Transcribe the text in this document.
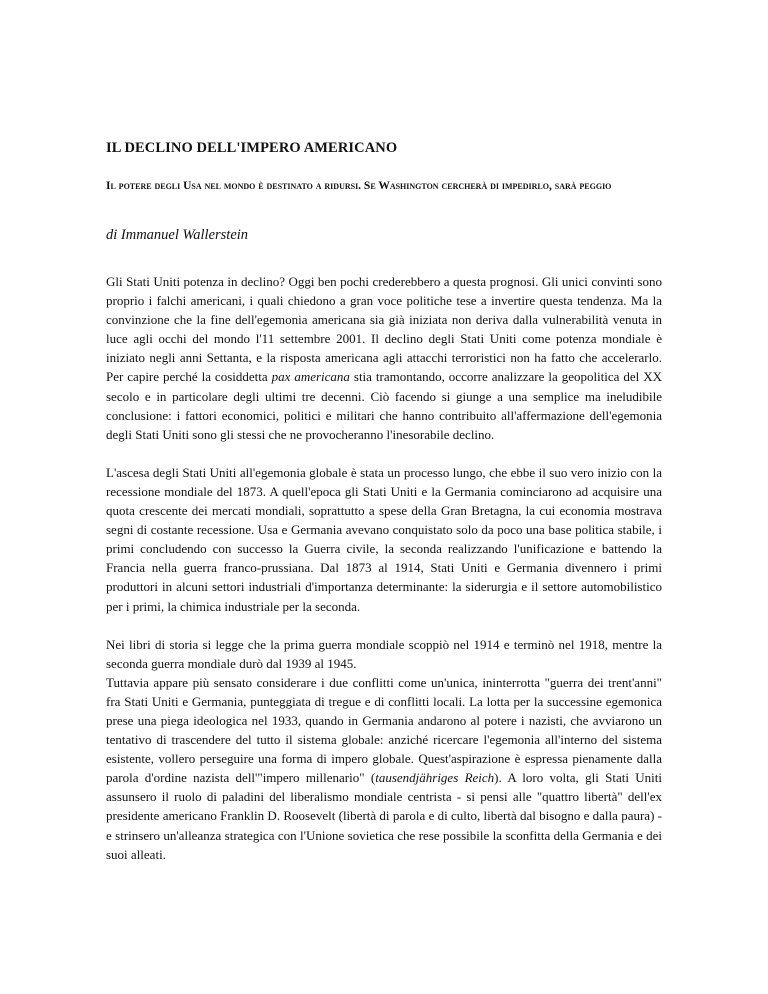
IL DECLINO DELL'IMPERO AMERICANO

Il potere degli Usa nel mondo è destinato a ridursi. Se Washington cercherà di impedirlo, sarà peggio

di Immanuel Wallerstein

Gli Stati Uniti potenza in declino? Oggi ben pochi crederebbero a questa prognosi. Gli unici convinti sono proprio i falchi americani, i quali chiedono a gran voce politiche tese a invertire questa tendenza. Ma la convinzione che la fine dell'egemonia americana sia già iniziata non deriva dalla vulnerabilità venuta in luce agli occhi del mondo l'11 settembre 2001. Il declino degli Stati Uniti come potenza mondiale è iniziato negli anni Settanta, e la risposta americana agli attacchi terroristici non ha fatto che accelerarlo. Per capire perché la cosiddetta pax americana stia tramontando, occorre analizzare la geopolitica del XX secolo e in particolare degli ultimi tre decenni. Ciò facendo si giunge a una semplice ma ineludibile conclusione: i fattori economici, politici e militari che hanno contribuito all'affermazione dell'egemonia degli Stati Uniti sono gli stessi che ne provocheranno l'inesorabile declino.

L'ascesa degli Stati Uniti all'egemonia globale è stata un processo lungo, che ebbe il suo vero inizio con la recessione mondiale del 1873. A quell'epoca gli Stati Uniti e la Germania cominciarono ad acquisire una quota crescente dei mercati mondiali, soprattutto a spese della Gran Bretagna, la cui economia mostrava segni di costante recessione. Usa e Germania avevano conquistato solo da poco una base politica stabile, i primi concludendo con successo la Guerra civile, la seconda realizzando l'unificazione e battendo la Francia nella guerra franco-prussiana. Dal 1873 al 1914, Stati Uniti e Germania divennero i primi produttori in alcuni settori industriali d'importanza determinante: la siderurgia e il settore automobilistico per i primi, la chimica industriale per la seconda.

Nei libri di storia si legge che la prima guerra mondiale scoppiò nel 1914 e terminò nel 1918, mentre la seconda guerra mondiale durò dal 1939 al 1945.
Tuttavia appare più sensato considerare i due conflitti come un'unica, ininterrotta "guerra dei trent'anni" fra Stati Uniti e Germania, punteggiata di tregue e di conflitti locali. La lotta per la successine egemonica prese una piega ideologica nel 1933, quando in Germania andarono al potere i nazisti, che avviarono un tentativo di trascendere del tutto il sistema globale: anziché ricercare l'egemonia all'interno del sistema esistente, vollero perseguire una forma di impero globale. Quest'aspirazione è espressa pienamente dalla parola d'ordine nazista dell'"impero millenario" (tausendjähriges Reich). A loro volta, gli Stati Uniti assunsero il ruolo di paladini del liberalismo mondiale centrista - si pensi alle "quattro libertà" dell'ex presidente americano Franklin D. Roosevelt (libertà di parola e di culto, libertà dal bisogno e dalla paura) - e strinsero un'alleanza strategica con l'Unione sovietica che rese possibile la sconfitta della Germania e dei suoi alleati.
